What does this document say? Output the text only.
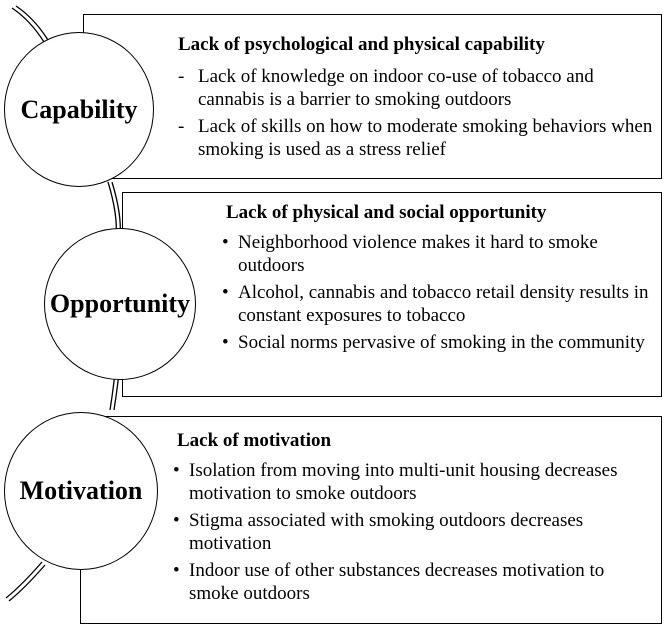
Lack of psychological and physical capability
- Lack of knowledge on indoor co-use of tobacco and cannabis is a barrier to smoking outdoors
- Lack of skills on how to moderate smoking behaviors when smoking is used as a stress relief
Capability
Lack of physical and social opportunity
• Neighborhood violence makes it hard to smoke outdoors
• Alcohol, cannabis and tobacco retail density results in constant exposures to tobacco
• Social norms pervasive of smoking in the community
Opportunity
Lack of motivation
• Isolation from moving into multi-unit housing decreases motivation to smoke outdoors
• Stigma associated with smoking outdoors decreases motivation
• Indoor use of other substances decreases motivation to smoke outdoors
Motivation
